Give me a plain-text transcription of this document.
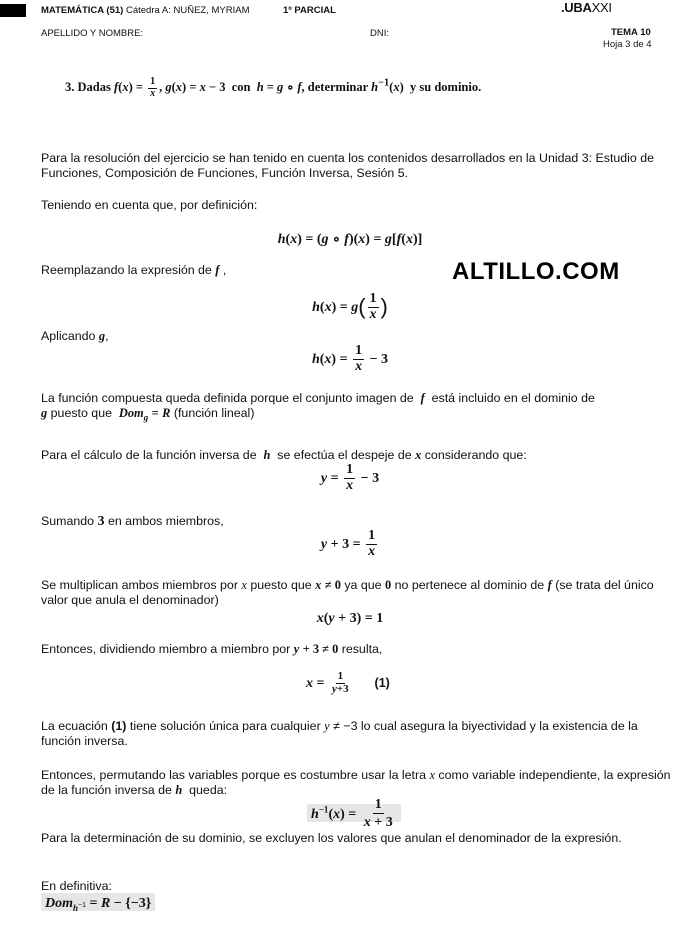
MATEMÁTICA (51) Cátedra A: NUÑEZ, MYRIAM	1º PARCIAL	.UBAXXI
APELLIDO Y NOMBRE:	DNI:	TEMA 10
Hoja 3 de 4
3. Dadas $f(x) = \frac{1}{x}$ , g(x) = x − 3  con h = g ∘ f, determinar $h^{-1}(x)$  y su dominio.
Para la resolución del ejercicio se han tenido en cuenta los contenidos desarrollados en la Unidad 3: Estudio de Funciones, Composición de Funciones, Función Inversa, Sesión 5.
Teniendo en cuenta que, por definición:
h(x) = (g ∘ f)(x) = g[f(x)]
Reemplazando la expresión de f ,	ALTILLO.COM
$h(x) = g( \frac{1}{x}$ )
Aplicando g,
$h(x) = \frac{1}{x} - 3$
La función compuesta queda definida porque el conjunto imagen de f está incluido en el dominio de
g puesto que Dom$_g$ = R (función lineal)
Para el cálculo de la función inversa de h se efectúa el despeje de x considerando que:
$y = \frac{1}{x} - 3$
Sumando 3 en ambos miembros,
$y + 3 = \frac{1}{x}$
Se multiplican ambos miembros por x puesto que x ≠ 0 ya que 0 no pertenece al dominio de f (se trata del único valor que anula el denominador)
x(y + 3) = 1
Entonces, dividiendo miembro a miembro por y + 3 ≠ 0 resulta,
$x = \frac{1}{y+3} (1)$
La ecuación (1) tiene solución única para cualquier y ≠ −3 lo cual asegura la biyectividad y la existencia de la función inversa.
Entonces, permutando las variables porque es costumbre usar la letra x como variable independiente, la expresión de la función inversa de h queda:
$h^{-1}(x) = \frac{1}{x + 3}$
Para la determinación de su dominio, se excluyen los valores que anulan el denominador de la expresión.
En definitiva:
Dom$_{h^{-1}}$ = R − {−3}
